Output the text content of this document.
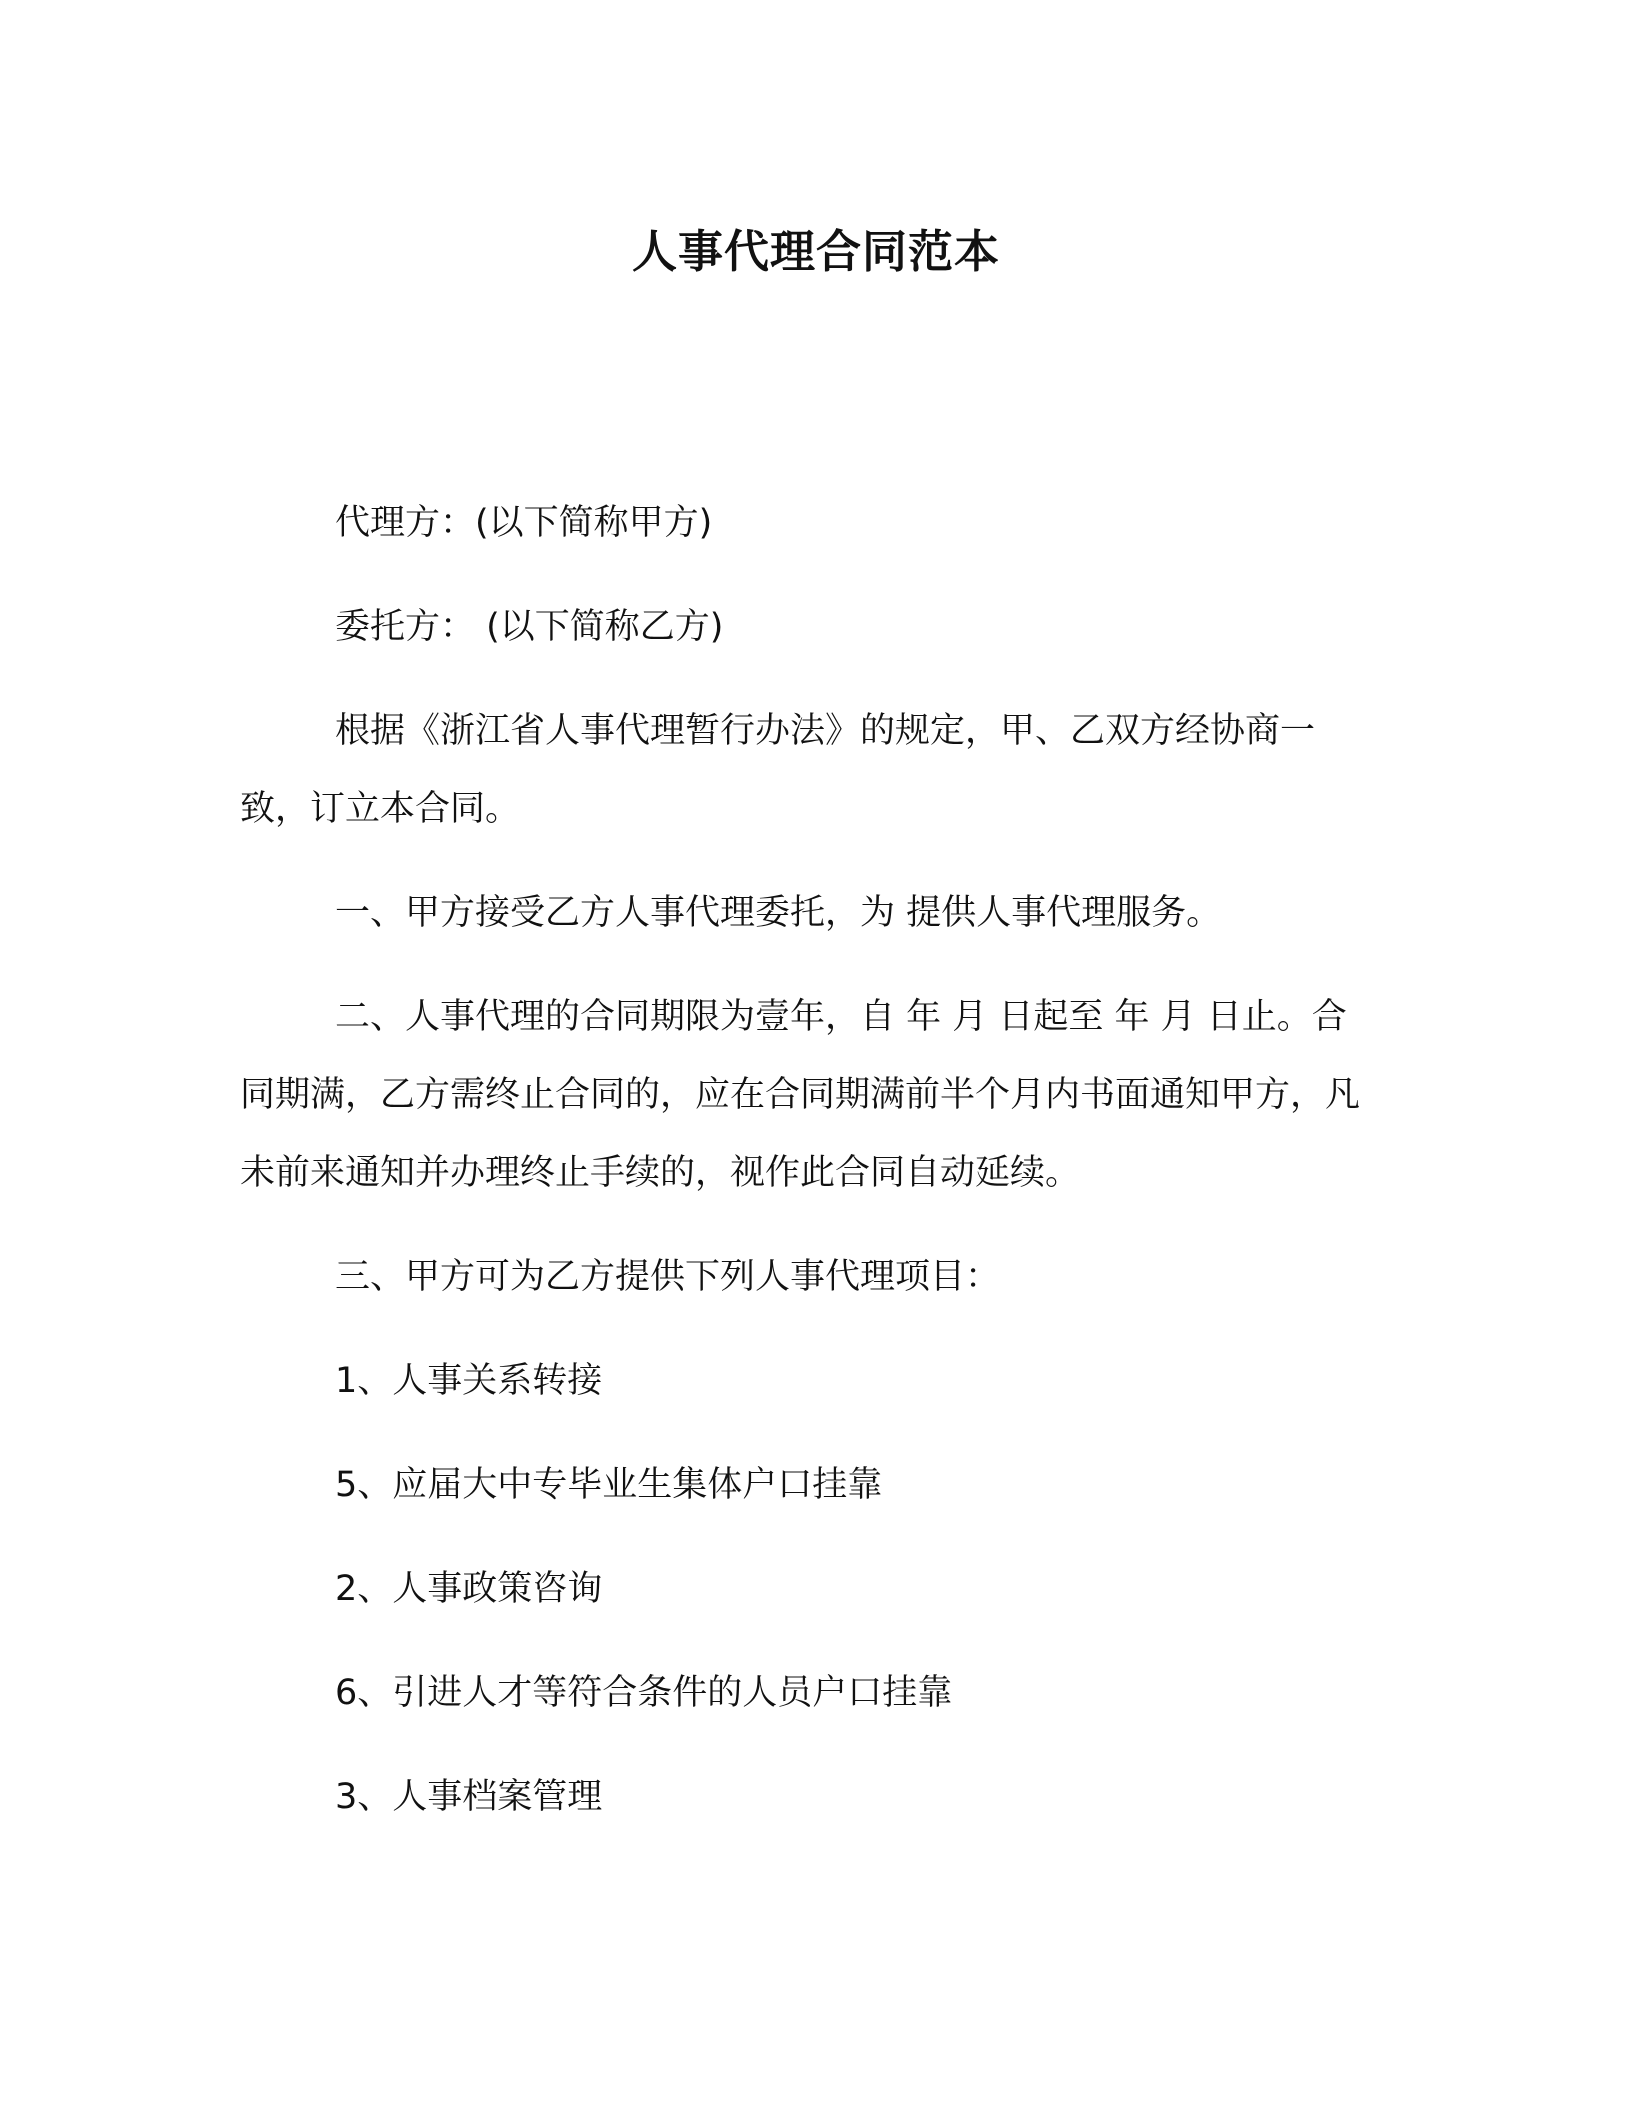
人事代理合同范本

代理方：(以下简称甲方)

委托方： (以下简称乙方)

根据《浙江省人事代理暂行办法》的规定，甲、乙双方经协商一致，订立本合同。

一、甲方接受乙方人事代理委托，为 提供人事代理服务。

二、人事代理的合同期限为壹年，自 年 月 日起至 年 月 日止。合同期满，乙方需终止合同的，应在合同期满前半个月内书面通知甲方，凡未前来通知并办理终止手续的，视作此合同自动延续。

三、甲方可为乙方提供下列人事代理项目：

1、人事关系转接

5、应届大中专毕业生集体户口挂靠

2、人事政策咨询

6、引进人才等符合条件的人员户口挂靠

3、人事档案管理
